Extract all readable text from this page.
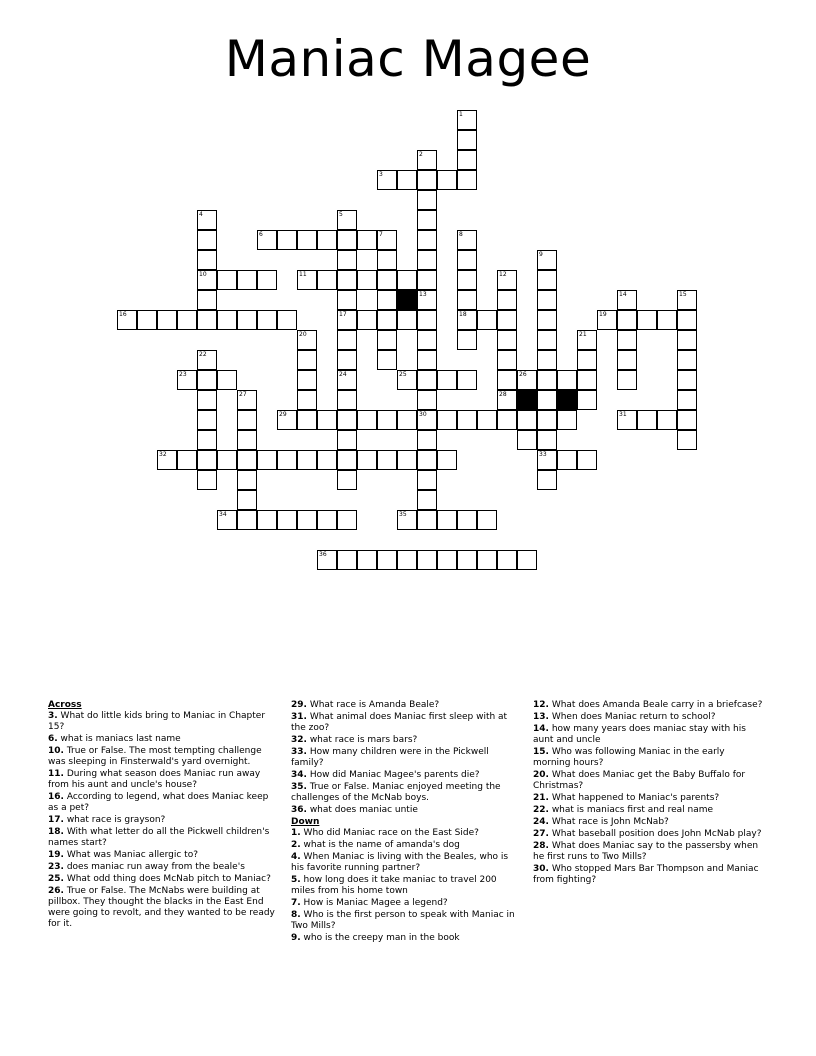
Maniac Magee
3
6
10	11
16	17	18	19
23	25	26
29	30	31
32	33
34	35
36
1
2
4	5
24
7	8
9
12
28
13	14	15
20	21
22
27
Across
3. What do little kids bring to Maniac in Chapter 15?
6. what is maniacs last name
10. True or False. The most tempting challenge was sleeping in Finsterwald's yard overnight.
11. During what season does Maniac run away from his aunt and uncle's house?
16. According to legend, what does Maniac keep as a pet?
17. what race is grayson?
18. With what letter do all the Pickwell children's names start?
19. What was Maniac allergic to?
23. does maniac run away from the beale's
25. What odd thing does McNab pitch to Maniac?
26. True or False. The McNabs were building at pillbox. They thought the blacks in the East End were going to revolt, and they wanted to be ready for it.
29. What race is Amanda Beale?
31. What animal does Maniac first sleep with at the zoo?
32. what race is mars bars?
33. How many children were in the Pickwell family?
34. How did Maniac Magee's parents die?
35. True or False. Maniac enjoyed meeting the challenges of the McNab boys.
36. what does maniac untie
Down
1. Who did Maniac race on the East Side?
2. what is the name of amanda's dog
4. When Maniac is living with the Beales, who is his favorite running partner?
5. how long does it take maniac to travel 200 miles from his home town
7. How is Maniac Magee a legend?
8. Who is the first person to speak with Maniac in Two Mills?
9. who is the creepy man in the book
12. What does Amanda Beale carry in a briefcase?
13. When does Maniac return to school?
14. how many years does maniac stay with his aunt and uncle
15. Who was following Maniac in the early morning hours?
20. What does Maniac get the Baby Buffalo for Christmas?
21. What happened to Maniac's parents?
22. what is maniacs first and real name
24. What race is John McNab?
27. What baseball position does John McNab play?
28. What does Maniac say to the passersby when he first runs to Two Mills?
30. Who stopped Mars Bar Thompson and Maniac from fighting?
